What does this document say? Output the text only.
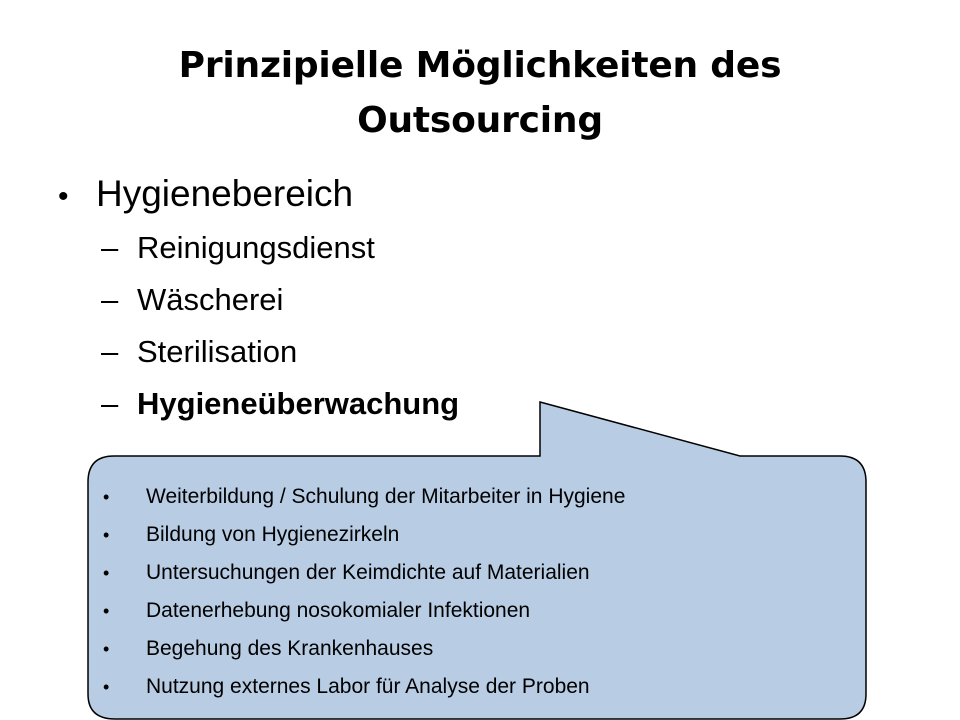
Prinzipielle Möglichkeiten des
Outsourcing
• Hygienebereich
– Reinigungsdienst
– Wäscherei
– Sterilisation
– Hygieneüberwachung
•	Weiterbildung / Schulung der Mitarbeiter in Hygiene
•	Bildung von Hygienezirkeln
•	Untersuchungen der Keimdichte auf Materialien
•	Datenerhebung nosokomialer Infektionen
•	Begehung des Krankenhauses
•	Nutzung externes Labor für Analyse der Proben
